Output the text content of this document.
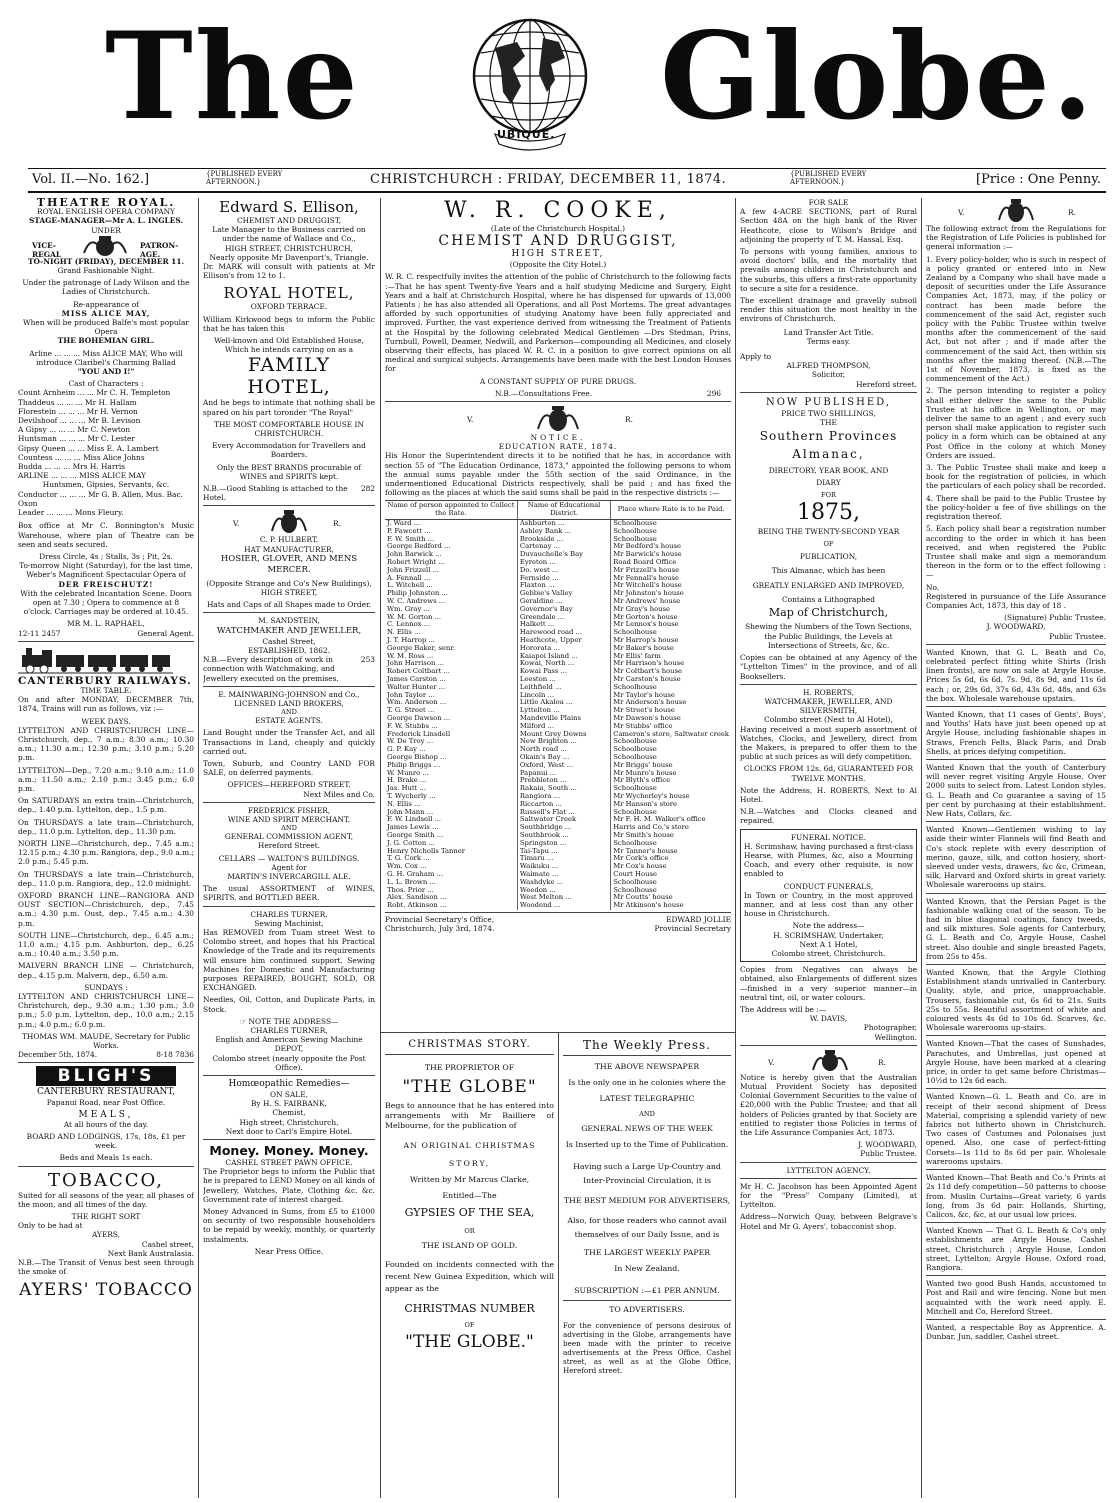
The	UBIQUE. Globe.
Vol. II.—No. 162.]	{PUBLISHED EVERY AFTERNOON.}	CHRISTCHURCH : FRIDAY, DECEMBER 11, 1874.	{PUBLISHED EVERY AFTERNOON.}	[Price : One Penny.
THEATRE ROYAL.
ROYAL ENGLISH OPERA COMPANY
STAGE-MANAGER—Mr A. L. INGLES.
UNDER
VICE-REGAL
PATRON-AGE.
TO-NIGHT (FRIDAY), DECEMBER 11.
Grand Fashionable Night.
Under the patronage of Lady Wilson and the Ladies of Christchurch.
Re-appearance of
MISS ALICE MAY,
When will be produced Balfe's most popular Opera
THE BOHEMIAN GIRL.
Arline ... ... ... Miss ALICE MAY, Who will introduce Claribel's Charming Ballad
"YOU AND I!"
Cast of Characters :
Count Arnheim ... ... Mr C. H. Templeton
Thaddeus ... ... ... Mr H. Hallam
Florestein ... ... ... Mr H. Vernon
Devilshoof ... ... ... Mr B. Levison
A Gipsy ... ... ... Mr C. Newton
Huntsman ... ... ... Mr C. Lester
Gipsy Queen ... ... Miss E. A. Lambert
Countess ... ... ... Miss Alice Johns
Budda ... ... ... Mrs H. Harris
ARLINE ... ... ... MISS ALICE MAY
Huntsmen, Gipsies, Servants, &c.
Conductor ... ... ... Mr G. B. Allen, Mus. Bac. Oxon
Leader ... ... ... Mons Fleury.

Box office at Mr C. Bonnington's Music Warehouse, where plan of Theatre can be seen and seats secured.

Dress Circle, 4s ; Stalls, 3s ; Pit, 2s.
To-morrow Night (Saturday), for the last time, Weber's Magnificent Spectacular Opera of
DER FREISCHUTZ!
With the celebrated Incantation Scene. Doors open at 7.30 ; Opera to commence at 8 o'clock. Carriages may be ordered at 10.45.
MR M. L. RAPHAEL,
12-11 2457	General Agent.
CANTERBURY RAILWAYS.
TIME TABLE.

On and after MONDAY, DECEMBER 7th, 1874, Trains will run as follows, viz :—

WEEK DAYS.

LYTTELTON AND CHRISTCHURCH LINE—Christchurch, dep., 7 a.m.; 8.30 a.m.; 10.30 a.m.; 11.30 a.m.; 12.30 p.m.; 3.10 p.m.; 5.20 p.m.

LYTTELTON—Dep., 7.20 a.m.; 9.10 a.m.; 11.0 a.m.; 11.50 a.m.; 2.10 p.m.; 3.45 p.m.; 6.0 p.m.

On SATURDAYS an extra train—Christchurch, dep., 1.40 p.m. Lyttelton, dep., 1.5 p.m.

On THURSDAYS a late train—Christchurch, dep., 11.0 p.m. Lyttelton, dep., 11.30 p.m.

NORTH LINE—Christchurch, dep., 7.45 a.m.; 12.15 p.m.; 4.30 p.m. Rangiora, dep., 9.0 a.m.; 2.0 p.m.; 5.45 p.m.

On THURSDAYS a late train—Christchurch, dep., 11.0 p.m. Rangiora, dep., 12.0 midnight.

OXFORD BRANCH LINE—RANGIORA AND OUST SECTION—Christchurch, dep., 7.45 a.m.; 4.30 p.m. Oust, dep., 7.45 a.m.; 4.30 p.m.

SOUTH LINE—Christchurch, dep., 6.45 a.m.; 11.0 a.m.; 4.15 p.m. Ashburton, dep., 6.25 a.m.; 10.40 a.m.; 3.50 p.m.

MALVERN BRANCH LINE — Christchurch, dep., 4.15 p.m. Malvern, dep., 6.50 a.m.

SUNDAYS :

LYTTELTON AND CHRISTCHURCH LINE—Christchurch, dep., 9.30 a.m.; 1.30 p.m.; 3.0 p.m.; 5.0 p.m. Lyttelton, dep., 10.0 a.m.; 2.15 p.m.; 4.0 p.m.; 6.0 p.m.

THOMAS WM. MAUDE, Secretary for Public Works.
December 5th, 1874.	8-18 7836
BLIGH'S
CANTERBURY RESTAURANT,
Papanui Road, near Post Office.
MEALS,
At all hours of the day.
BOARD AND LODGINGS, 17s, 18s, £1 per week.
Beds and Meals 1s each.
TOBACCO,

Suited for all seasons of the year, all phases of the moon, and all times of the day.

THE RIGHT SORT
Only to be had at
AYERS,
Cashel street,
Next Bank Australasia.

N.B.—The Transit of Venus best seen through the smoke of

AYERS' TOBACCO
Edward S. Ellison,
CHEMIST AND DRUGGIST,
Late Manager to the Business carried on under the name of Wallace and Co.,
HIGH STREET, CHRISTCHURCH,
Nearly opposite Mr Davenport's, Triangle.

Dr. MARK will consult with patients at Mr Ellison's from 12 to 1.

ROYAL HOTEL,
OXFORD TERRACE.

William Kirkwood begs to inform the Public that he has taken this

Well-known and Old Established House, Which he intends carrying on as a
FAMILY HOTEL,

And he begs to intimate that nothing shall be spared on his part toronder "The Royal"

THE MOST COMFORTABLE HOUSE IN CHRISTCHURCH.
Every Accommodation for Travellers and Boarders.
Only the BEST BRANDS procurable of WINES and SPIRITS kept.
N.B.—Good Stabling is attached to the Hotel.
282
V.	R.
C. P. HULBERT,
HAT MANUFACTURER,
HOSIER, GLOVER, AND MENS MERCER.
(Opposite Strange and Co's New Buildings), HIGH STREET,
Hats and Caps of all Shapes made to Order.
M. SANDSTEIN,
WATCHMAKER AND JEWELLER,
Cashel Street,
ESTABLISHED, 1862.
N.B.—Every description of work in connection with Watchmaking, and Jewellery executed on the premises.
253
E. MAINWARING-JOHNSON and Co.,
LICENSED LAND BROKERS,
AND
ESTATE AGENTS.

Land Bought under the Transfer Act, and all Transactions in Land, cheaply and quickly carried out.

Town, Suburb, and Country LAND FOR SALE, on deferred payments.

OFFICES—HEREFORD STREET,
Next Miles and Co.
FREDERICK FISHER,
WINE AND SPIRIT MERCHANT,
AND
GENERAL COMMISSION AGENT,
Hereford Street.
CELLARS — WALTON'S BUILDINGS.
Agent for
MARTIN'S INVERCARGILL ALE.

The usual ASSORTMENT of WINES, SPIRITS, and BOTTLED BEER.

CHARLES TURNER,
Sewing Machinist,

Has REMOVED from Tuam street West to Colombo street, and hopes that his Practical Knowledge of the Trade and its requirements will ensure him continued support. Sewing Machines for Domestic and Manufacturing purposes REPAIRED, BOUGHT, SOLD, OR EXCHANGED.

Needles, Oil, Cotton, and Duplicate Parts, in Stock.

☞ NOTE THE ADDRESS—
CHARLES TURNER,
English and American Sewing Machine DEPOT,
Colombo street (nearly opposite the Post Office).
Homœopathic Remedies—
ON SALE,
By H. S. FAIRBANK,
Chemist,
High street, Christchurch,
Next door to Carl's Empire Hotel.
Money. Money. Money.
CASHEL STREET PAWN OFFICE.

The Proprietor begs to inform the Public that he is prepared to LEND Money on all kinds of Jewellery, Watches, Plate, Clothing &c. &c. Government rate of interest charged.

Money Advanced in Sums, from £5 to £1000 on security of two responsible householders to be repaid by weekly, monthly, or quarterly instalments.

Near Press Office.
W. R. COOKE,
(Late of the Christchurch Hospital.)
CHEMIST AND DRUGGIST,
HIGH STREET,
(Opposite the City Hotel.)

W. R. C. respectfully invites the attention of the public of Christchurch to the following facts :—That he has spent Twenty-five Years and a half studying Medicine and Surgery, Eight Years and a half at Christchurch Hospital, where he has dispensed for upwards of 13,000 Patients ; he has also attended all Operations, and all Post Mortems. The great advantages afforded by such opportunities of studying Anatomy have been fully appreciated and improved. Further, the vast experience derived from witnessing the Treatment of Patients at the Hospital by the following celebrated Medical Gentlemen —Drs Stedman, Prins, Turnbull, Powell, Deamer, Nedwill, and Parkerson—compounding all Medicines, and closely observing their effects, has placed W. R. C. in a position to give correct opinions on all medical and surgical subjects. Arrangements have been made with the best London Houses for

A CONSTANT SUPPLY OF PURE DRUGS.
N.B.—Consultations Free.	296
V.	R.
NOTICE.
EDUCATION RATE, 1874.

His Honor the Superintendent directs it to be notified that he has, in accordance with section 55 of "The Education Ordinance, 1873," appointed the following persons to whom the annual sums payable under the 55th section of the said Ordinance, in the undermentioned Educational Districts respectively, shall be paid ; and has fixed the following as the places at which the said sums shall be paid in the respective districts :—

Name of person appointed to Collect the Rate.	Name of Educational District.	Place where Rate is to be Paid.
J. Ward ...	Ashburton ...	Schoolhouse
P. Fawcett ...	Ashley Bank ...	Schoolhouse
F. W. Smith ...	Brookside ...	Schoolhouse
George Bedford ...	Cartenay ...	Mr Bedford's house
John Barwick ...	Duvauchelle's Bay	Mr Barwick's house
Robert Wright ...	Eyreton ...	Road Board Office
John Frizzell ...	Do. west ...	Mr Frizzell's house
A. Fennall ...	Fernside ...	Mr Fennall's house
L. Witchell ...	Flaxton ...	Mr Witchell's house
Philip Johnston ...	Gebbie's Valley	Mr Johnston's house
W. C. Andrews ...	Geraldine ...	Mr Andrews' house
Wm. Gray ...	Governor's Bay	Mr Gray's house
W. M. Gorton ...	Greendale ...	Mr Gorton's house
C. Lennox ...	Halkett ...	Mr Lennox's house
N. Ellis ...	Harewood road ...	Schoolhouse
J. T. Harrop ...	Heathcote, Upper	Mr Harrop's house
George Baker, senr.	Hororata ...	Mr Baker's house
W. M. Ross ...	Kaiapoi Island ...	Mr Ellis' farm
John Harrison ...	Kowai, North ...	Mr Harrison's house
Robert Coltbart ...	Kowai Pass ...	Mr Coltbart's house
James Carston ...	Leeston ...	Mr Carston's house
Walter Hunter ...	Leithfield ...	Schoolhouse
John Taylor ...	Lincoln ...	Mr Taylor's house
Wm. Anderson ...	Little Akaloa ...	Mr Anderson's house
T. G. Street ...	Lyttelton ...	Mr Street's house
George Dawson ...	Mandeville Plains	Mr Dawson's house
F. W. Stubbs ...	Milford ...	Mr Stubbs' office
Frederick Linsdell	Mount Grey Downs	Cameron's store, Saltwater creek
W. De Troy ...	New Brighton ...	Schoolhouse
G. P. Kay ...	North road ...	Schoolhouse
George Bishop ...	Okain's Bay ...	Schoolhouse
Philip Briggs ...	Oxford, West ...	Mr Briggs' house
W. Munro ...	Papanui ...	Mr Munro's house
H. Brake ...	Prebbleton ...	Mr Blyth's office
Jas. Hutt ...	Rakaia, South ...	Schoolhouse
T. Wycherly ...	Rangiora ...	Mr Wycherley's house
N. Ellis ...	Riccarton ...	Mr Hanson's store
John Mann ...	Russell's Flat ...	Schoolhouse
F. W. Lindsell ...	Saltwater Creek	Mr F. H. M. Walker's office
James Lewis ...	Southbridge ...	Harris and Co.'s store
George Smith ...	Southbrook ...	Mr Smith's house
J. G. Cotton ...	Springston ...	Schoolhouse
Henry Nicholls Tanner	Tai-Tapu ...	Mr Tanner's house
T. G. Cork ...	Timaru ...	Mr Cork's office
Wm. Cox ...	Waikuku ...	Mr Cox's house
G. H. Graham ...	Waimate ...	Court House
L. L. Brown ...	Washdyke ...	Schoolhouse
Thos. Prior ...	Weedon ...	Schoolhouse
Alex. Sandison ...	West Melton ...	Mr Coutts' house
Robt. Atkinson ...	Woodend ...	Mr Atkinson's house
Provincial Secretary's Office, Christchurch, July 3rd, 1874.
EDWARD JOLLIE
Provincial Secretary
CHRISTMAS STORY.
THE PROPRIETOR OF
"THE GLOBE"

Begs to announce that he has entered into arrangements with Mr Bailliere of Melbourne, for the publication of

AN ORIGINAL CHRISTMAS
STORY,
Written by Mr Marcus Clarke,
Entitled—The
GYPSIES OF THE SEA,
OR
THE ISLAND OF GOLD.

Founded on incidents connected with the recent New Guinea Expedition, which will appear as the

CHRISTMAS NUMBER
OF
"THE GLOBE."
The Weekly Press.
THE ABOVE NEWSPAPER
Is the only one in he colonies where the
LATEST TELEGRAPHIC
AND
GENERAL NEWS OF THE WEEK
Is Inserted up to the Time of Publication.
Having such a Large Up-Country and Inter-Provincial Circulation, it is
THE BEST MEDIUM FOR ADVERTISERS,
Also, for those readers who cannot avail themselves of our Daily Issue, and is
THE LARGEST WEEKLY PAPER
In New Zealand.
SUBSCRIPTION :—£1 PER ANNUM.
TO ADVERTISERS.

For the convenience of persons desirous of advertising in the Globe, arrangements have been made with the printer to receive advertisements at the Press Office, Cashel street, as well as at the Globe Office, Hereford street.

FOR SALE

A few 4-ACRE SECTIONS, part of Rural Section 48A on the high bank of the River Heathcote, close to Wilson's Bridge and adjoining the property of T. M. Hassal, Esq.

To persons with young families, anxious to avoid doctors' bills, and the mortality that prevails among children in Christchurch and the suburbs, this offers a first-rate opportunity to secure a site for a residence.

The excellent drainage and gravelly subsoil render this situation the most healthy in the environs of Christchurch.

Land Transfer Act Title.
Terms easy.
Apply to
ALFRED THOMPSON,
Solicitor,
Hereford street.
NOW PUBLISHED,
PRICE TWO SHILLINGS,
THE
Southern Provinces
Almanac,
DIRECTORY, YEAR BOOK, AND
DIARY
FOR
1875,
BEING THE TWENTY-SECOND YEAR
OF
PUBLICATION,
This Almanac, which has been
GREATLY ENLARGED AND IMPROVED,
Contains a Lithographed
Map of Christchurch,
Shewing the Numbers of the Town Sections, the Public Buildings, the Levels at Intersections of Streets, &c, &c.

Copies can be obtained at any Agency of the "Lyttelton Times" in the province, and of all Booksellers.

H. ROBERTS,
WATCHMAKER, JEWELLER, AND SILVERSMITH,
Colombo street (Next to Al Hotel),

Having received a most superb assortment of Watches, Clocks, and Jewellery, direct from the Makers, is prepared to offer them to the public at such prices as will defy competition.

CLOCKS FROM 12s. 6d, GUARANTEED FOR TWELVE MONTHS.

Note the Address, H. ROBERTS, Next to Al Hotel.

N.B.—Watches and Clocks cleaned and repaired.

FUNERAL NOTICE.

H. Scrimshaw, having purchased a first-class Hearse, with Plumes, &c, also a Mourning Coach, and every other requisite, is now enabled to

CONDUCT FUNERALS,

In Town or Country, in the most approved manner, and at less cost than any other house in Christchurch.

Note the address—
H. SCRIMSHAW, Undertaker,
Next A 1 Hotel,
Colombo street, Christchurch.

Copies from Negatives can always be obtained, also Enlargements of different sizes—finished in a very superior manner—in neutral tint, oil, or water colours.

The Address will be :—
W. DAVIS,
Photographer,
Wellington.
V.	R.

Notice is hereby given that the Australian Mutual Provident Society has deposited Colonial Government Securities to the value of £20,000 with the Public Trustee; and that all holders of Policies granted by that Society are entitled to register those Policies in terms of the Life Assurance Companies Act, 1873.

J. WOODWARD,
Public Trustee.
LYTTELTON AGENCY.

Mr H. C. Jacobson has been Appointed Agent for the "Press" Company (Limited), at Lyttelton.

Address—Norwich Quay, between Belgrave's Hotel and Mr G. Ayers', tobacconist shop.

V.	R.

The following extract from the Regulations for the Registration of Life Policies is published for general information :—

1. Every policy-holder, who is such in respect of a policy granted or entered into in New Zealand by a Company who shall have made a deposit of securities under the Life Assurance Companies Act, 1873, may, if the policy or contract has been made before the commencement of the said Act, register such policy with the Public Trustee within twelve months after the commencement of the said Act, but not after ; and if made after the commencement of the said Act, then within six months after the making thereof. (N.B.—The 1st of November, 1873, is fixed as the commencement of the Act.)

2. The person intending to register a policy shall either deliver the same to the Public Trustee at his office in Wellington, or may deliver the same to an agent ; and every such person shall make application to register such policy in a form which can be obtained at any Post Office in the colony at which Money Orders are issued.

3. The Public Trustee shall make and keep a book for the registration of policies, in which the particulars of each policy shall be recorded.

4. There shall be paid to the Public Trustee by the policy-holder a fee of five shillings on the registration thereof.

5. Each policy shall bear a registration number according to the order in which it has been received, and when registered the Public Trustee shall make and sign a memorandum thereon in the form or to the effect following :—

No.

Registered in pursuance of the Life Assurance Companies Act, 1873, this day of 18 .

(Signature) Public Trustee.
J. WOODWARD,
Public Trustee.

Wanted Known, that G. L. Beath and Co, celebrated perfect fitting white Shirts (Irish linen fronts), are now on sale at Argyle House. Prices 5s 6d, 6s 6d, 7s. 9d, 8s 9d, and 11s 6d each ; or, 29s 6d, 37s 6d, 43s 6d, 48s, and 63s the box. Wholesale warehouse upstairs.

Wanted Known, that 11 cases of Gents', Boys', and Youths' Hats have just been opened up at Argyle House, including fashionable shapes in Straws, French Felts, Black Paris, and Drab Shells, at prices defying competition.

Wanted Known that the youth of Canterbury will never regret visiting Argyle House. Over 2000 suits to select from. Latest London styles. G. L. Beath and Co guarantee a saving of 15 per cent by purchasing at their establishment. New Hats, Collars, &c.

Wanted Known—Gentlemen wishing to lay aside their winter Flannels will find Beath and Co's stock replete with every description of merino, gauze, silk, and cotton hosiery, short-sleeved under vests, drawers, &c &c, Crimean, silk, Harvard and Oxford shirts in great variety. Wholesale warerooms up stairs.

Wanted Known, that the Persian Paget is the fashionable walking coat of the season. To be had in blue diagonal coatings, fancy tweeds, and silk mixtures. Sole agents for Canterbury, G. L. Beath and Co, Argyle House, Cashel street. Also double and single breasted Pagets, from 25s to 45s.

Wanted Known, that the Argyle Clothing Establishment stands unrivalled in Canterbury. Quality, style, and price, unapproachable. Trousers, fashionable cut, 6s 6d to 21s. Suits 25s to 55s. Beautiful assortment of white and coloured vests 4s 6d to 10s 6d. Scarves, &c. Wholesale warerooms up-stairs.

Wanted Known—That the cases of Sunshades, Parachutes, and Umbrellas, just opened at Argyle House, have been marked at a clearing price, in order to get same before Christmas—10½d to 12s 6d each.

Wanted Known—G. L. Beath and Co. are in receipt of their second shipment of Dress Material, comprising a splendid variety of new fabrics not hitherto shown in Christchurch. Two cases of Costumes and Polonaises just opened. Also, one case of perfect-fitting Corsets—1s 11d to 8s 6d per pair. Wholesale warerooms upstairs.

Wanted Known—That Beath and Co.'s Prints at 2s 11d defy competition—50 patterns to choose from. Muslin Curtains—Great variety, 6 yards long, from 3s 6d pair. Hollands, Shirting, Calicos, &c, &c, at our usual low prices.

Wanted Known — That G. L. Beath & Co's only establishments are Argyle House, Cashel street, Christchurch ; Argyle House, London street, Lyttelton; Argyle House, Oxford road, Rangiora.

Wanted two good Bush Hands, accustomed to Post and Rail and wire fencing. None but men acquainted with the work need apply. E. Mitchell and Co, Hereford Street.

Wanted, a respectable Boy as Apprentice. A. Dunbar, Jun, saddler, Cashel street.
